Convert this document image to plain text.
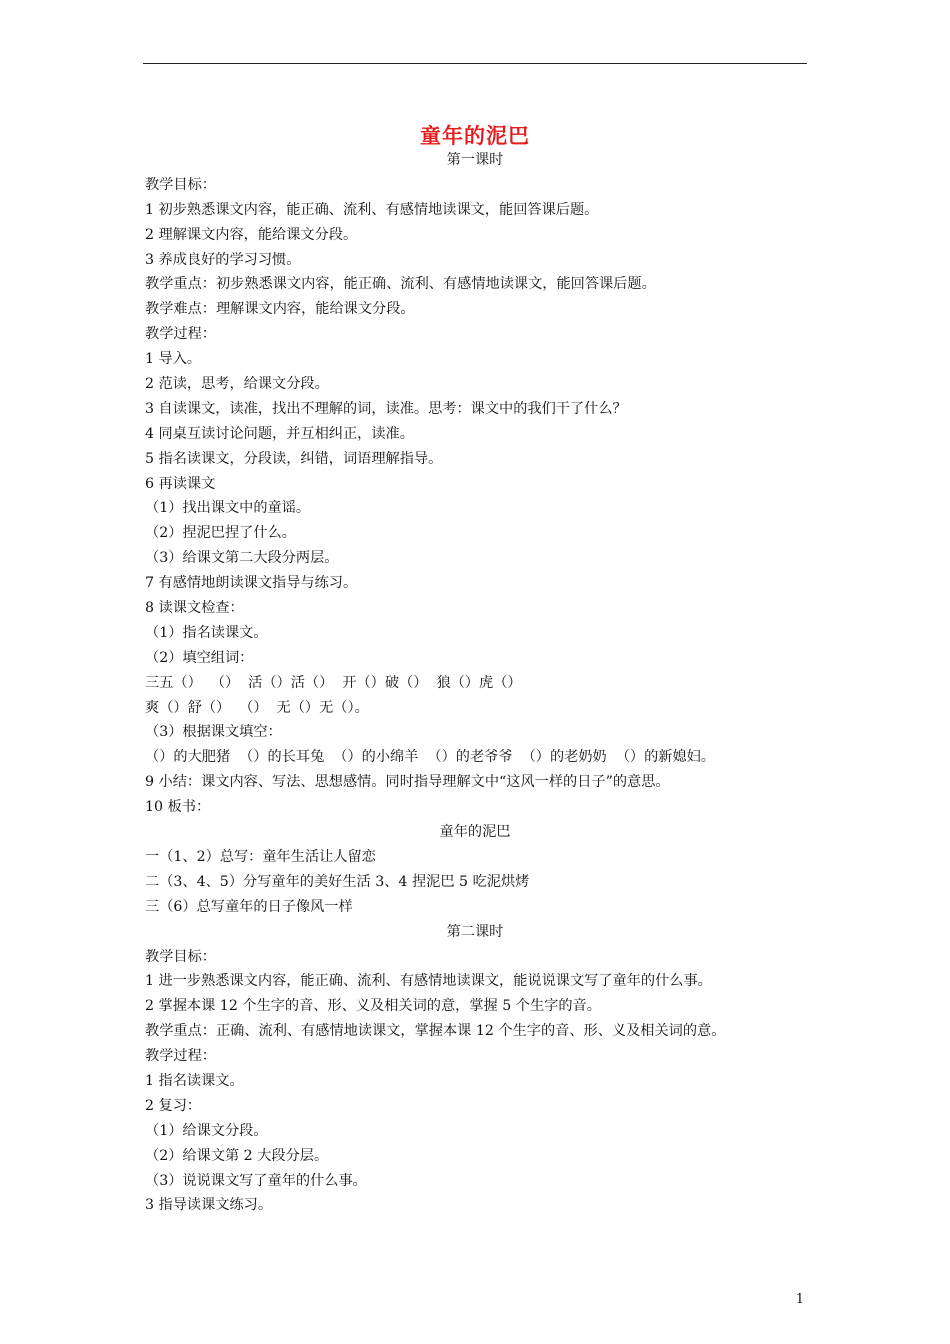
童年的泥巴
第一课时
教学目标：
1 初步熟悉课文内容，能正确、流利、有感情地读课文，能回答课后题。
2 理解课文内容，能给课文分段。
3 养成良好的学习习惯。
教学重点：初步熟悉课文内容，能正确、流利、有感情地读课文，能回答课后题。
教学难点：理解课文内容，能给课文分段。
教学过程：
1 导入。
2 范读，思考，给课文分段。
3 自读课文，读准，找出不理解的词，读准。思考：课文中的我们干了什么？
4 同桌互读讨论问题，并互相纠正，读准。
5 指名读课文，分段读，纠错，词语理解指导。
6 再读课文
（1）找出课文中的童谣。
（2）捏泥巴捏了什么。
（3）给课文第二大段分两层。
7 有感情地朗读课文指导与练习。
8 读课文检查：
（1）指名读课文。
（2）填空组词：
三五（）  （）  活（）活（）  开（）破（）  狼（）虎（）
爽（）舒（）  （）  无（）无（）。
（3）根据课文填空：
（）的大肥猪  （）的长耳兔  （）的小绵羊  （）的老爷爷  （）的老奶奶  （）的新媳妇。
9 小结：课文内容、写法、思想感情。同时指导理解文中“这风一样的日子”的意思。
10 板书：
童年的泥巴
一（1、2）总写：童年生活让人留恋
二（3、4、5）分写童年的美好生活 3、4 捏泥巴 5 吃泥烘烤
三（6）总写童年的日子像风一样
第二课时
教学目标：
1 进一步熟悉课文内容，能正确、流利、有感情地读课文，能说说课文写了童年的什么事。
2 掌握本课 12 个生字的音、形、义及相关词的意，掌握 5 个生字的音。
教学重点：正确、流利、有感情地读课文，掌握本课 12 个生字的音、形、义及相关词的意。
教学过程：
1 指名读课文。
2 复习：
（1）给课文分段。
（2）给课文第 2 大段分层。
（3）说说课文写了童年的什么事。
3 指导读课文练习。
1
